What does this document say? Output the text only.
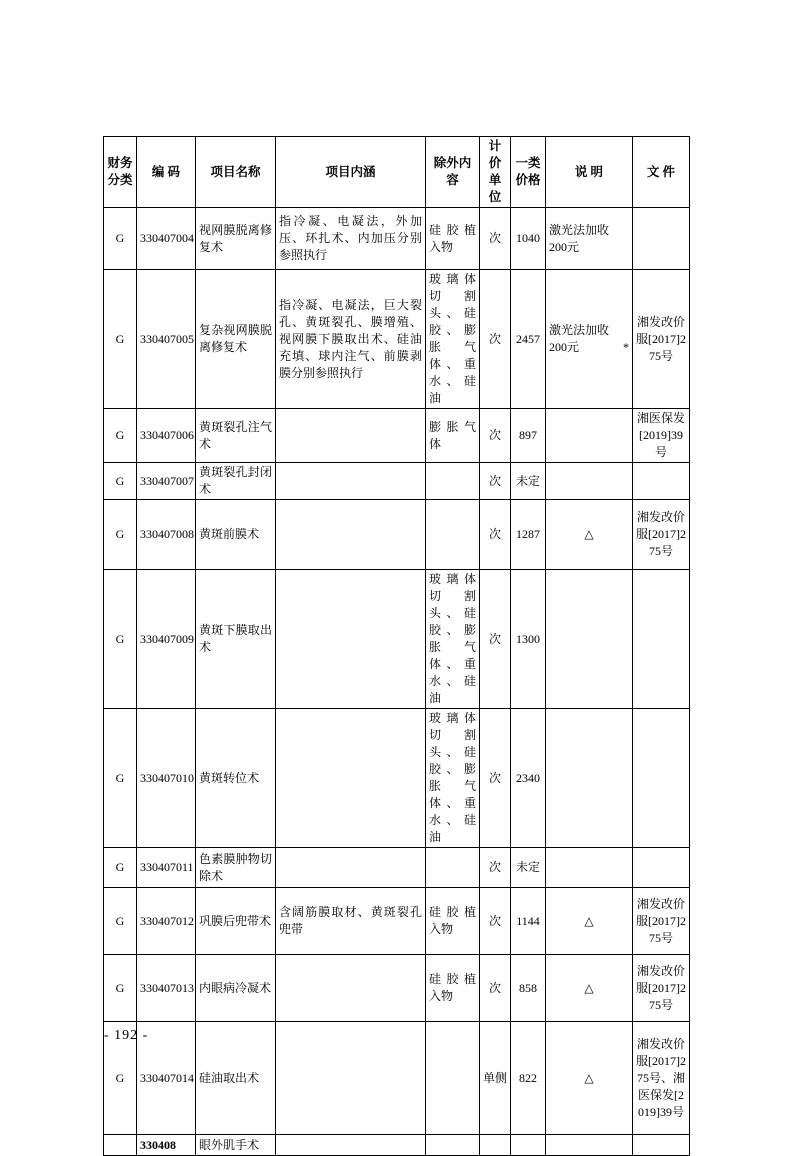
财务分类	编 码	项目名称	项目内涵	除外内容	计价单位	一类价格	说 明	文 件
G	330407004	视网膜脱离修复术	指冷凝、电凝法，外加压、环扎术、内加压分别参照执行	硅胶植入物	次	1040	激光法加收 200元	
G	330407005	复杂视网膜脱离修复术	指冷凝、电凝法，巨大裂孔、黄斑裂孔、膜增殖、视网膜下膜取出术、硅油充填、球内注气、前膜剥膜分别参照执行	玻璃体切割头、硅胶、膨胀气体、重水、硅油	次	2457	激光法加收 200元 *	湘发改价服[2017]275号
G	330407006	黄斑裂孔注气术		膨胀气体	次	897		湘医保发[2019]39号
G	330407007	黄斑裂孔封闭术			次	未定		
G	330407008	黄斑前膜术			次	1287	△	湘发改价服[2017]275号
G	330407009	黄斑下膜取出术		玻璃体切割头、硅胶、膨胀气体、重水、硅油	次	1300		
G	330407010	黄斑转位术		玻璃体切割头、硅胶、膨胀气体、重水、硅油	次	2340		
G	330407011	色素膜肿物切除术			次	未定		
G	330407012	巩膜后兜带术	含阔筋膜取材、黄斑裂孔兜带	硅胶植入物	次	1144	△	湘发改价服[2017]275号
G	330407013	内眼病冷凝术		硅胶植入物	次	858	△	湘发改价服[2017]275号
G	330407014	硅油取出术			单侧	822	△	湘发改价服[2017]275号、湘医保发[2019]39号
	330408	眼外肌手术						
- 192 -
